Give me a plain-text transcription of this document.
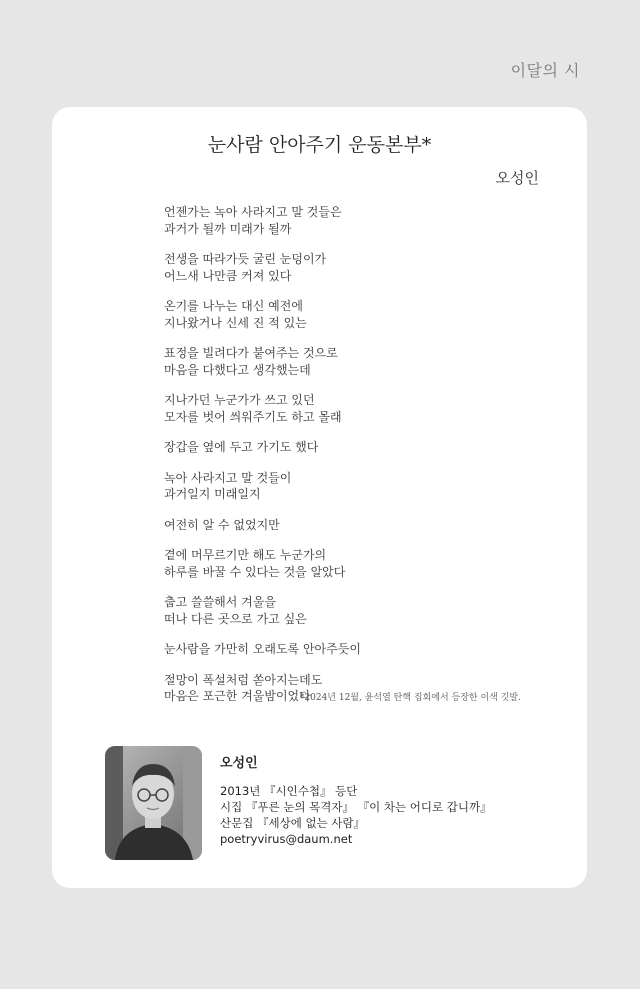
이달의 시
눈사람 안아주기 운동본부*
오성인
언젠가는 녹아 사라지고 말 것들은
과거가 될까 미래가 될까
전생을 따라가듯 굴린 눈덩이가
어느새 나만큼 커져 있다
온기를 나누는 대신 예전에
지나왔거나 신세 진 적 있는
표정을 빌려다가 붙여주는 것으로
마음을 다했다고 생각했는데
지나가던 누군가가 쓰고 있던
모자를 벗어 씌워주기도 하고 몰래
장갑을 옆에 두고 가기도 했다
녹아 사라지고 말 것들이
과거일지 미래일지
여전히 알 수 없었지만
곁에 머무르기만 해도 누군가의
하루를 바꿀 수 있다는 것을 알았다
춥고 쓸쓸해서 겨울을
떠나 다른 곳으로 가고 싶은
눈사람을 가만히 오래도록 안아주듯이
절망이 폭설처럼 쏟아지는데도
마음은 포근한 겨울밤이었다
*2024년 12월, 윤석열 탄핵 집회에서 등장한 이색 깃발.
오성인
2013년 『시인수첩』 등단
시집 『푸른 눈의 목격자』 『이 차는 어디로 갑니까』
산문집 『세상에 없는 사람』
poetryvirus@daum.net
